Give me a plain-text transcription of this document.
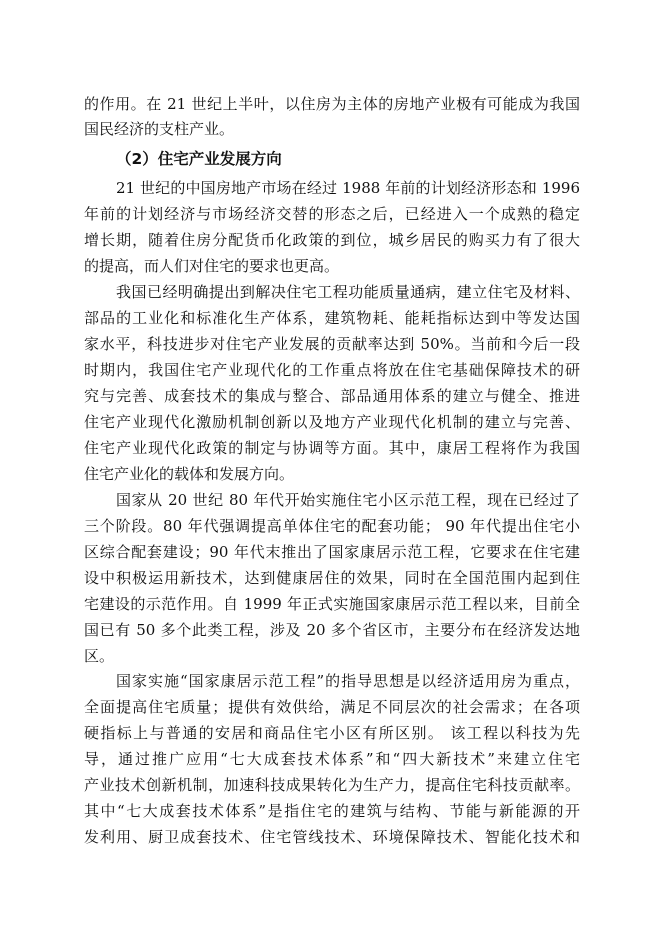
的作用。在 21 世纪上半叶，以住房为主体的房地产业极有可能成为我国
国民经济的支柱产业。
（2）住宅产业发展方向
21 世纪的中国房地产市场在经过 1988 年前的计划经济形态和 1996
年前的计划经济与市场经济交替的形态之后，已经进入一个成熟的稳定
增长期，随着住房分配货币化政策的到位，城乡居民的购买力有了很大
的提高，而人们对住宅的要求也更高。
我国已经明确提出到解决住宅工程功能质量通病，建立住宅及材料、
部品的工业化和标准化生产体系，建筑物耗、能耗指标达到中等发达国
家水平，科技进步对住宅产业发展的贡献率达到 50%。当前和今后一段
时期内，我国住宅产业现代化的工作重点将放在住宅基础保障技术的研
究与完善、成套技术的集成与整合、部品通用体系的建立与健全、推进
住宅产业现代化激励机制创新以及地方产业现代化机制的建立与完善、
住宅产业现代化政策的制定与协调等方面。其中，康居工程将作为我国
住宅产业化的载体和发展方向。
国家从 20 世纪 80 年代开始实施住宅小区示范工程，现在已经过了
三个阶段。80 年代强调提高单体住宅的配套功能； 90 年代提出住宅小
区综合配套建设；90 年代末推出了国家康居示范工程，它要求在住宅建
设中积极运用新技术，达到健康居住的效果，同时在全国范围内起到住
宅建设的示范作用。自 1999 年正式实施国家康居示范工程以来，目前全
国已有 50 多个此类工程，涉及 20 多个省区市，主要分布在经济发达地
区。
国家实施“国家康居示范工程”的指导思想是以经济适用房为重点，
全面提高住宅质量；提供有效供给，满足不同层次的社会需求；在各项
硬指标上与普通的安居和商品住宅小区有所区别。 该工程以科技为先
导，通过推广应用“七大成套技术体系”和“四大新技术”来建立住宅
产业技术创新机制，加速科技成果转化为生产力，提高住宅科技贡献率。
其中“七大成套技术体系”是指住宅的建筑与结构、节能与新能源的开
发利用、厨卫成套技术、住宅管线技术、环境保障技术、智能化技术和
